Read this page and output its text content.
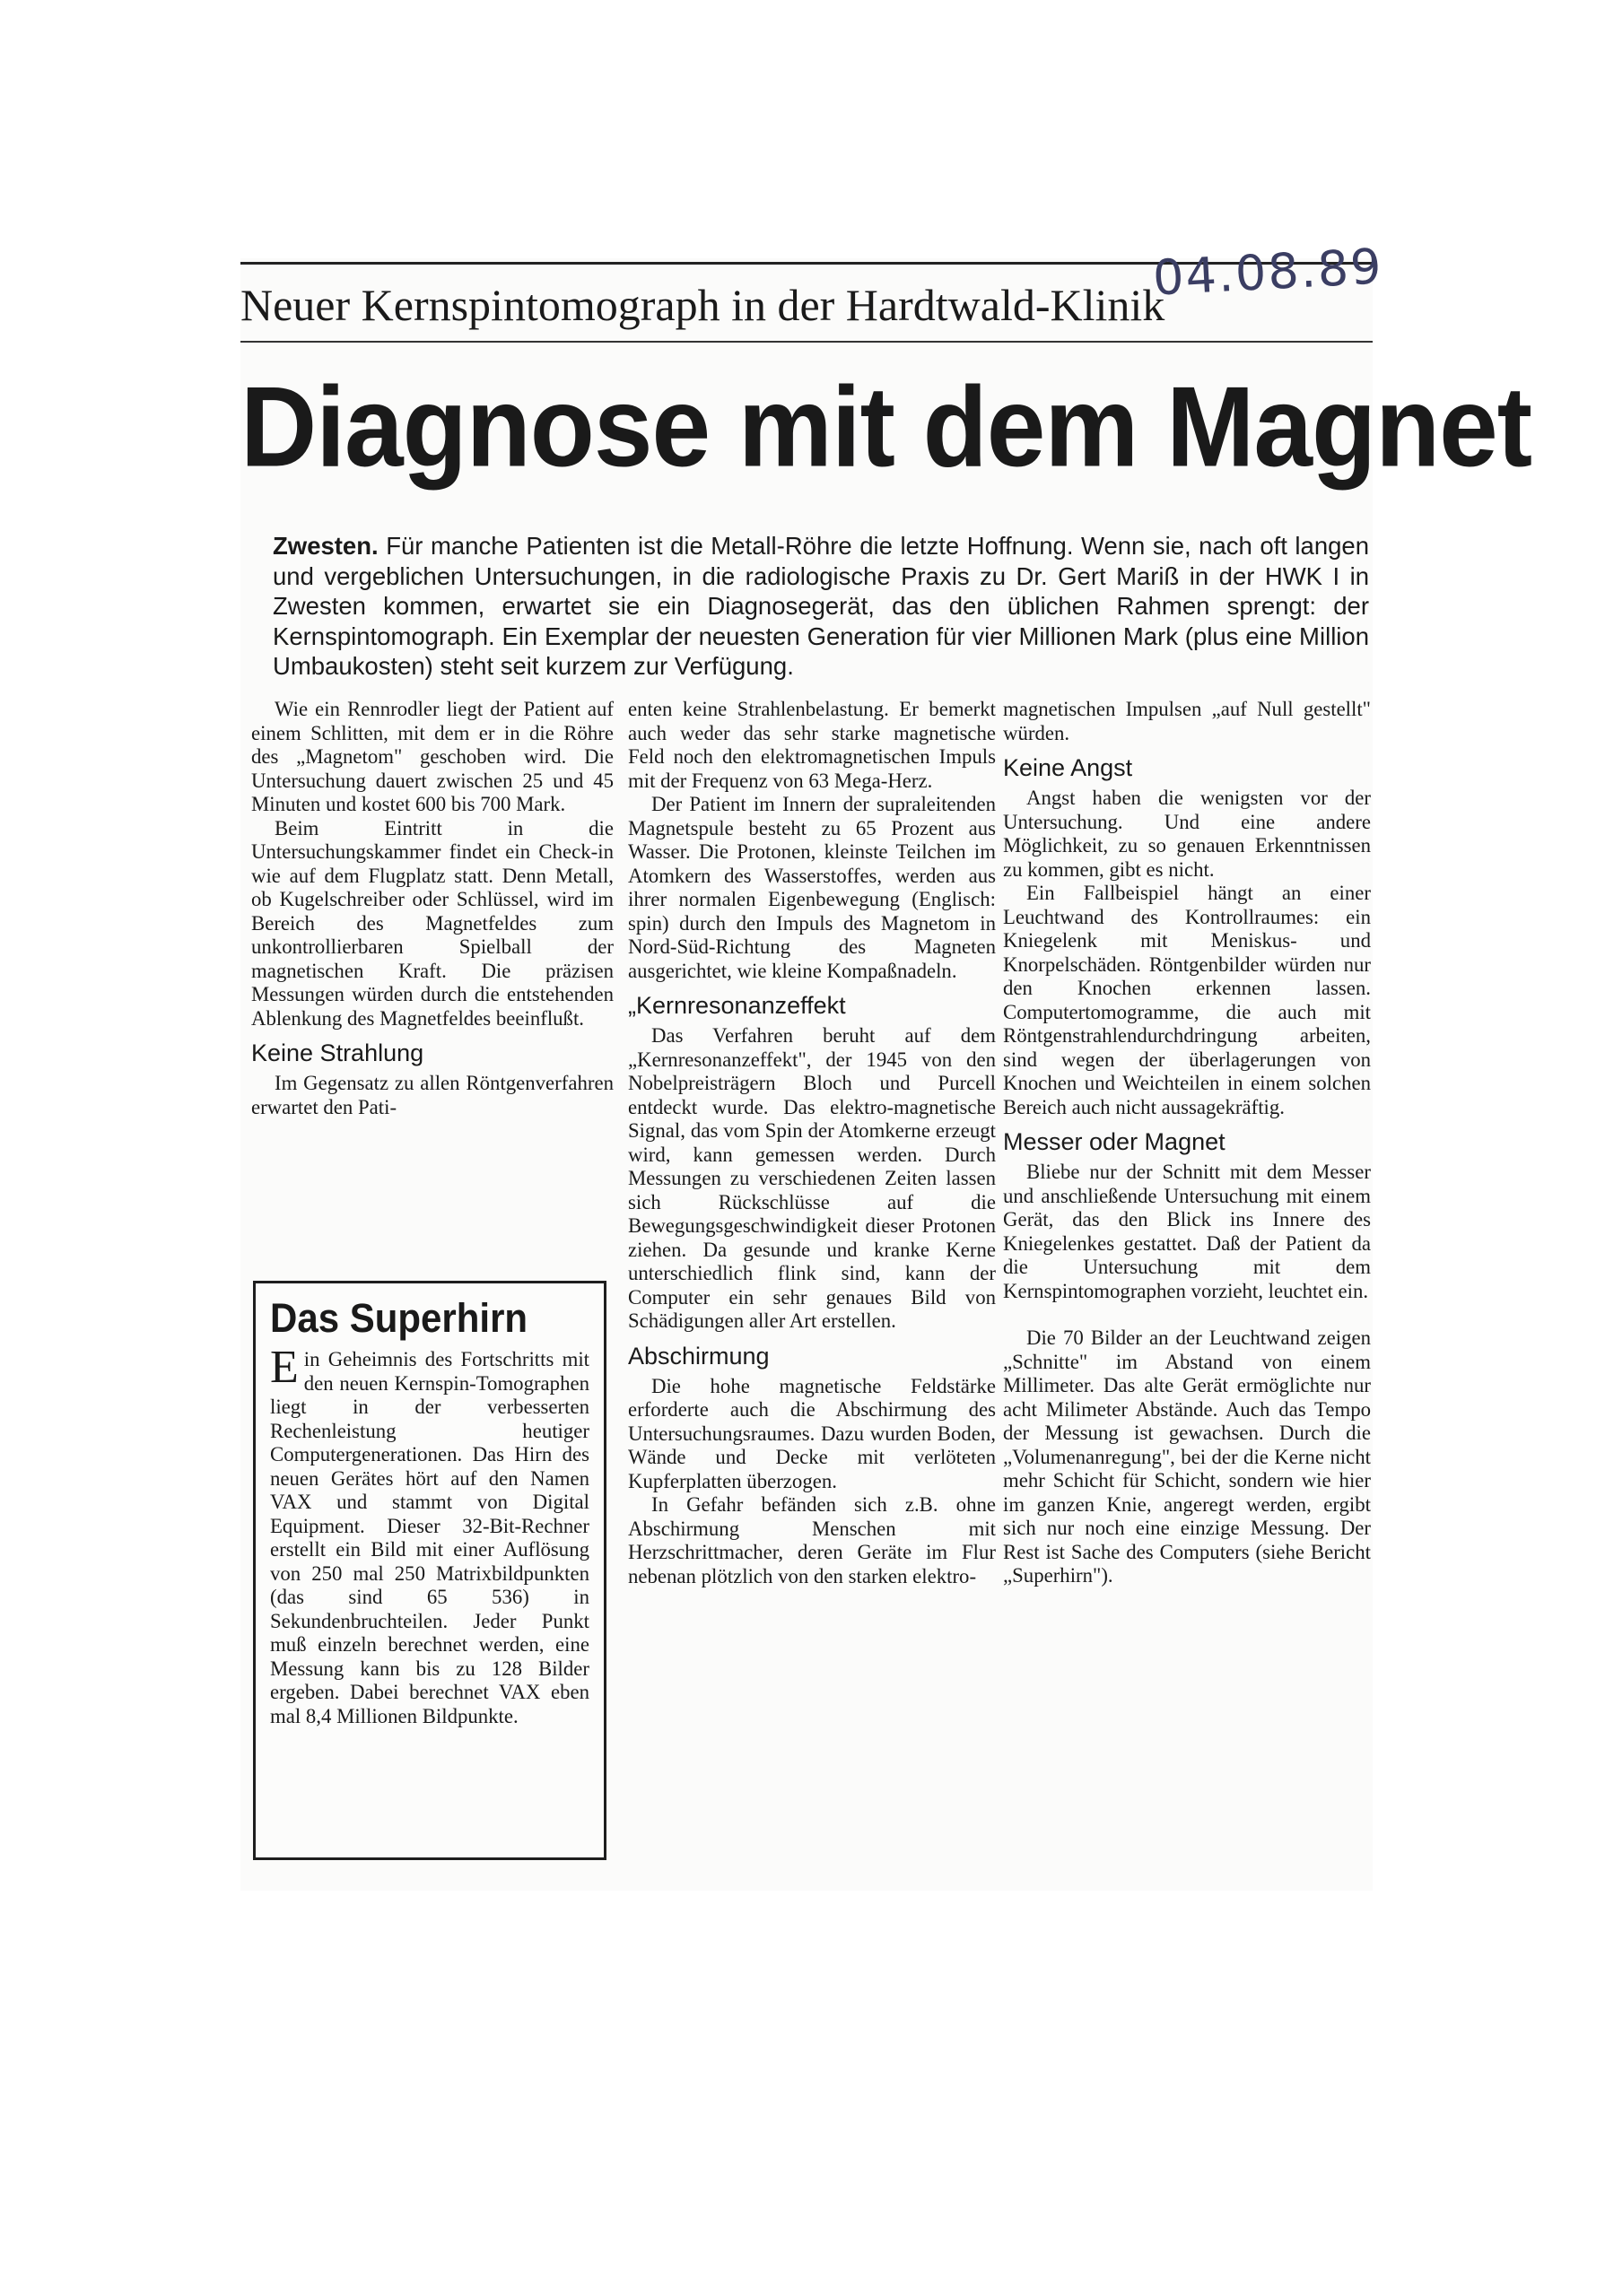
Neuer Kernspintomograph in der Hardtwald-Klinik
04.08.89
Diagnose mit dem Magnet
Zwesten. Für manche Patienten ist die Metall-Röhre die letzte Hoffnung. Wenn sie, nach oft langen und vergeblichen Untersuchungen, in die radiologische Praxis zu Dr. Gert Mariß in der HWK I in Zwesten kommen, erwartet sie ein Diagnosegerät, das den üblichen Rahmen sprengt: der Kernspintomograph. Ein Exemplar der neuesten Generation für vier Millionen Mark (plus eine Million Umbaukosten) steht seit kurzem zur Verfügung.

Wie ein Rennrodler liegt der Patient auf einem Schlitten, mit dem er in die Röhre des „Magnetom" geschoben wird. Die Untersuchung dauert zwischen 25 und 45 Minuten und kostet 600 bis 700 Mark.

Beim Eintritt in die Untersuchungskammer findet ein Check-in wie auf dem Flugplatz statt. Denn Metall, ob Kugelschreiber oder Schlüssel, wird im Bereich des Magnetfeldes zum unkontrollierbaren Spielball der magnetischen Kraft. Die präzisen Messungen würden durch die entstehenden Ablenkung des Magnetfeldes beeinflußt.

Keine Strahlung

Im Gegensatz zu allen Röntgenverfahren erwartet den Pati-

Das Superhirn

Ein Geheimnis des Fortschritts mit den neuen Kernspin-Tomographen liegt in der verbesserten Rechenleistung heutiger Computergenerationen. Das Hirn des neuen Gerätes hört auf den Namen VAX und stammt von Digital Equipment. Dieser 32-Bit-Rechner erstellt ein Bild mit einer Auflösung von 250 mal 250 Matrixbildpunkten (das sind 65 536) in Sekundenbruchteilen. Jeder Punkt muß einzeln berechnet werden, eine Messung kann bis zu 128 Bilder ergeben. Dabei berechnet VAX eben mal 8,4 Millionen Bildpunkte.

enten keine Strahlenbelastung. Er bemerkt auch weder das sehr starke magnetische Feld noch den elektromagnetischen Impuls mit der Frequenz von 63 Mega-Herz.

Der Patient im Innern der supraleitenden Magnetspule besteht zu 65 Prozent aus Wasser. Die Protonen, kleinste Teilchen im Atomkern des Wasserstoffes, werden aus ihrer normalen Eigenbewegung (Englisch: spin) durch den Impuls des Magnetom in Nord-Süd-Richtung des Magneten ausgerichtet, wie kleine Kompaßnadeln.

„Kernresonanzeffekt

Das Verfahren beruht auf dem „Kernresonanzeffekt", der 1945 von den Nobelpreisträgern Bloch und Purcell entdeckt wurde. Das elektro-magnetische Signal, das vom Spin der Atomkerne erzeugt wird, kann gemessen werden. Durch Messungen zu verschiedenen Zeiten lassen sich Rückschlüsse auf die Bewegungsgeschwindigkeit dieser Protonen ziehen. Da gesunde und kranke Kerne unterschiedlich flink sind, kann der Computer ein sehr genaues Bild von Schädigungen aller Art erstellen.

Abschirmung

Die hohe magnetische Feldstärke erforderte auch die Abschirmung des Untersuchungsraumes. Dazu wurden Boden, Wände und Decke mit verlöteten Kupferplatten überzogen.

In Gefahr befänden sich z.B. ohne Abschirmung Menschen mit Herzschrittmacher, deren Geräte im Flur nebenan plötzlich von den starken elektro-

magnetischen Impulsen „auf Null gestellt" würden.

Keine Angst

Angst haben die wenigsten vor der Untersuchung. Und eine andere Möglichkeit, zu so genauen Erkenntnissen zu kommen, gibt es nicht.

Ein Fallbeispiel hängt an einer Leuchtwand des Kontrollraumes: ein Kniegelenk mit Meniskus- und Knorpelschäden. Röntgenbilder würden nur den Knochen erkennen lassen. Computertomogramme, die auch mit Röntgenstrahlendurchdringung arbeiten, sind wegen der überlagerungen von Knochen und Weichteilen in einem solchen Bereich auch nicht aussagekräftig.

Messer oder Magnet

Bliebe nur der Schnitt mit dem Messer und anschließende Untersuchung mit einem Gerät, das den Blick ins Innere des Kniegelenkes gestattet. Daß der Patient da die Untersuchung mit dem Kernspintomographen vorzieht, leuchtet ein.

Die 70 Bilder an der Leuchtwand zeigen „Schnitte" im Abstand von einem Millimeter. Das alte Gerät ermöglichte nur acht Milimeter Abstände. Auch das Tempo der Messung ist gewachsen. Durch die „Volumenanregung", bei der die Kerne nicht mehr Schicht für Schicht, sondern wie hier im ganzen Knie, angeregt werden, ergibt sich nur noch eine einzige Messung. Der Rest ist Sache des Computers (siehe Bericht „Superhirn").
